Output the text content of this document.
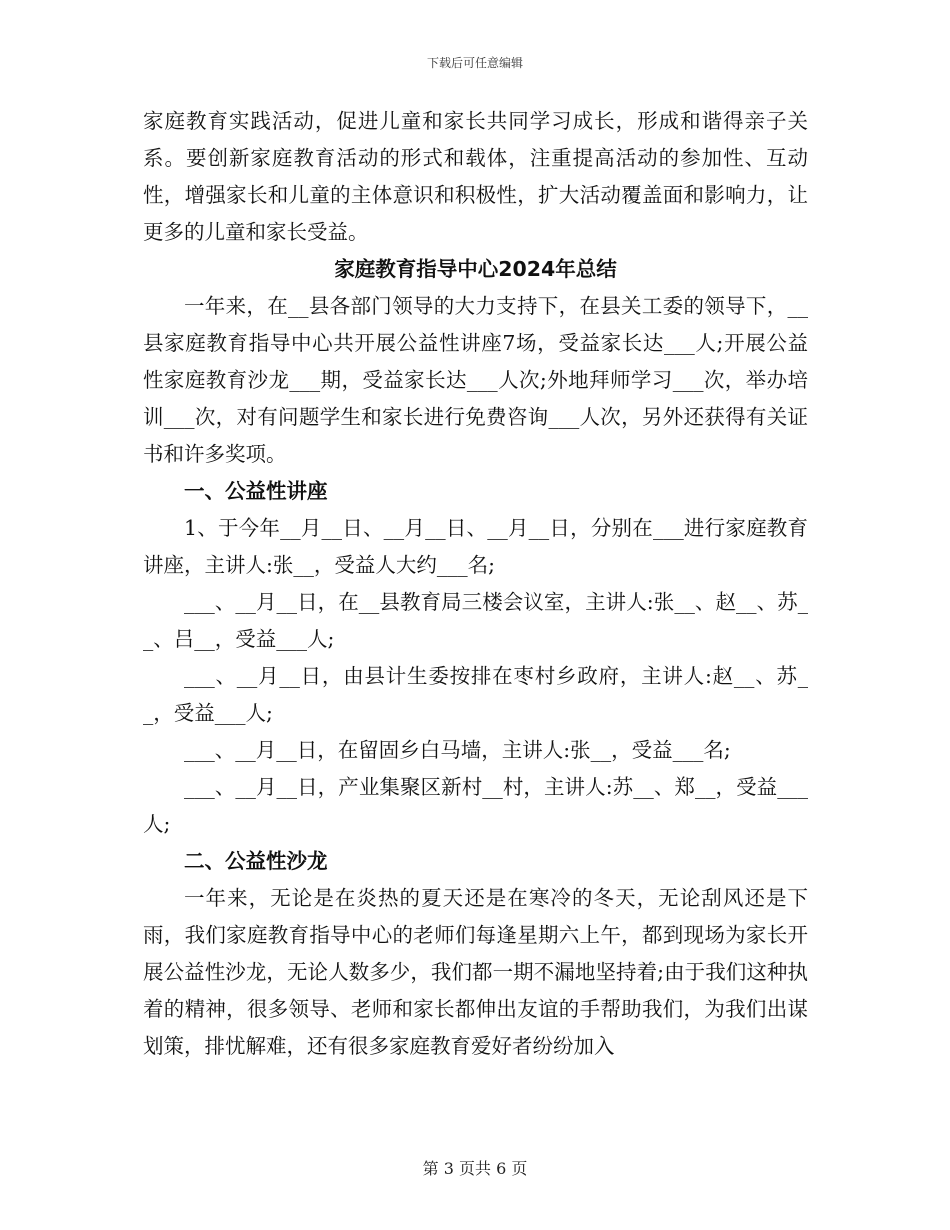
下载后可任意编辑

家庭教育实践活动，促进儿童和家长共同学习成长，形成和谐得亲子关系。要创新家庭教育活动的形式和载体，注重提高活动的参加性、互动性，增强家长和儿童的主体意识和积极性，扩大活动覆盖面和影响力，让更多的儿童和家长受益。

家庭教育指导中心2024年总结

一年来，在__县各部门领导的大力支持下，在县关工委的领导下，__县家庭教育指导中心共开展公益性讲座7场，受益家长达___人;开展公益性家庭教育沙龙___期，受益家长达___人次;外地拜师学习___次，举办培训___次，对有问题学生和家长进行免费咨询___人次，另外还获得有关证书和许多奖项。

一、公益性讲座

1、于今年__月__日、__月__日、__月__日，分别在___进行家庭教育讲座，主讲人:张__，受益人大约___名;

___、__月__日，在__县教育局三楼会议室，主讲人:张__、赵__、苏__、吕__，受益___人;

___、__月__日，由县计生委按排在枣村乡政府，主讲人:赵__、苏__，受益___人;

___、__月__日，在留固乡白马墙，主讲人:张__，受益___名;

___、__月__日，产业集聚区新村__村，主讲人:苏__、郑__，受益___人;

二、公益性沙龙

一年来，无论是在炎热的夏天还是在寒冷的冬天，无论刮风还是下雨，我们家庭教育指导中心的老师们每逢星期六上午，都到现场为家长开展公益性沙龙，无论人数多少，我们都一期不漏地坚持着;由于我们这种执着的精神，很多领导、老师和家长都伸出友谊的手帮助我们，为我们出谋划策，排忧解难，还有很多家庭教育爱好者纷纷加入

第 3 页共 6 页
